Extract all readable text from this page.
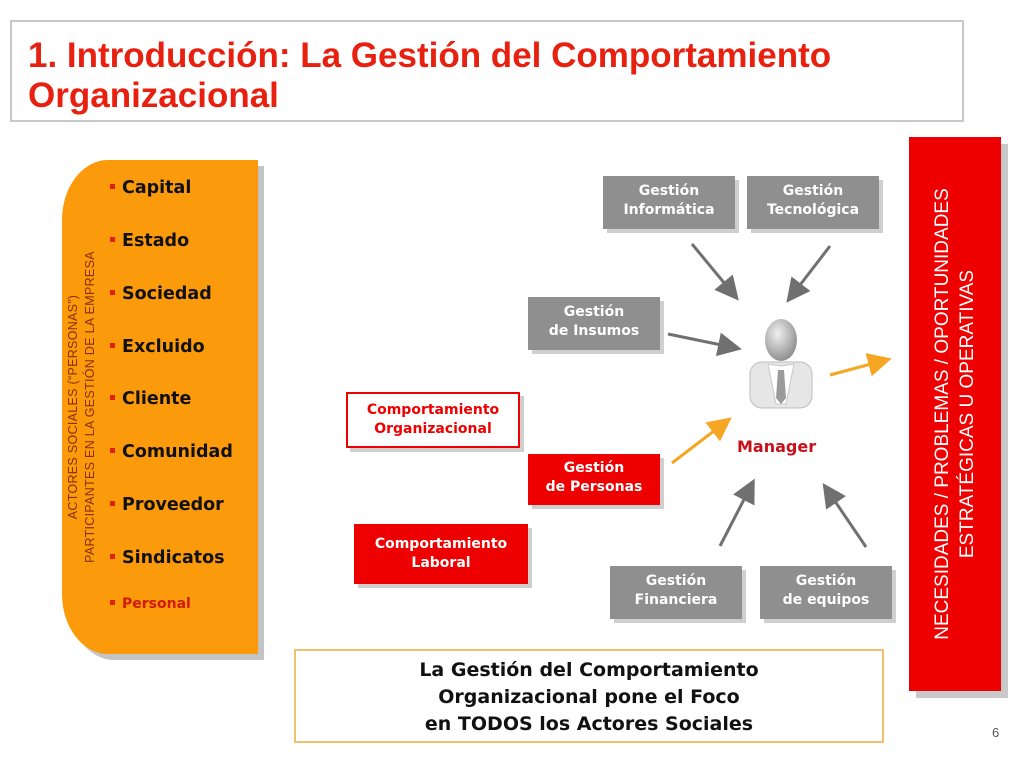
1. Introducción: La Gestión del Comportamiento Organizacional
ACTORES SOCIALES (“PERSONAS”) PARTICIPANTES EN LA GESTIÓN DE LA EMPRESA
Capital
Estado
Sociedad
Excluido
Cliente
Comunidad
Proveedor
Sindicatos
Personal
Gestión
Informática
Gestión
Tecnológica
Gestión
de Insumos
Comportamiento
Organizacional
Gestión
de Personas
Comportamiento
Laboral
Gestión
Financiera
Gestión
de equipos
Manager	NECESIDADES / PROBLEMAS / OPORTUNIDADES ESTRATÉGICAS U OPERATIVAS
La Gestión del Comportamiento
Organizacional pone el Foco
en TODOS los Actores Sociales	6
